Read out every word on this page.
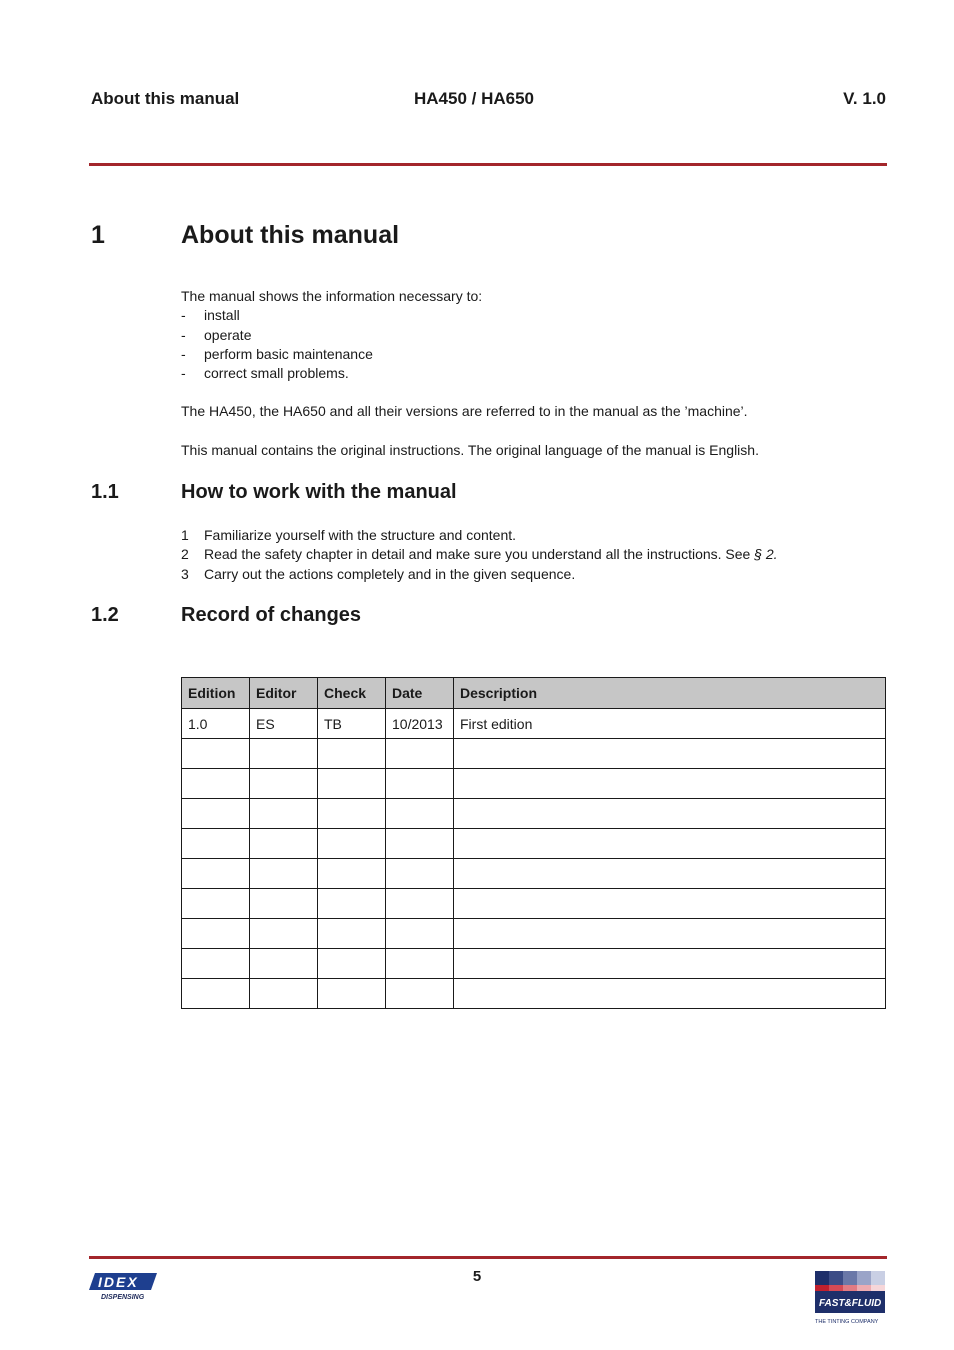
About this manual	HA450 / HA650	V. 1.0
1	About this manual
The manual shows the information necessary to:
-	install
-	operate
-	perform basic maintenance
-	correct small problems.
The HA450, the HA650 and all their versions are referred to in the manual as the ’machine’.
This manual contains the original instructions. The original language of the manual is English.
1.1	How to work with the manual
1	Familiarize yourself with the structure and content.
2	Read the safety chapter in detail and make sure you understand all the instructions. See § 2.
3	Carry out the actions completely and in the given sequence.
1.2	Record of changes
Edition	Editor	Check	Date	Description
1.0	ES	TB	10/2013	First edition

5
IDEX
DISPENSING
FAST&FLUID
THE TINTING COMPANY
